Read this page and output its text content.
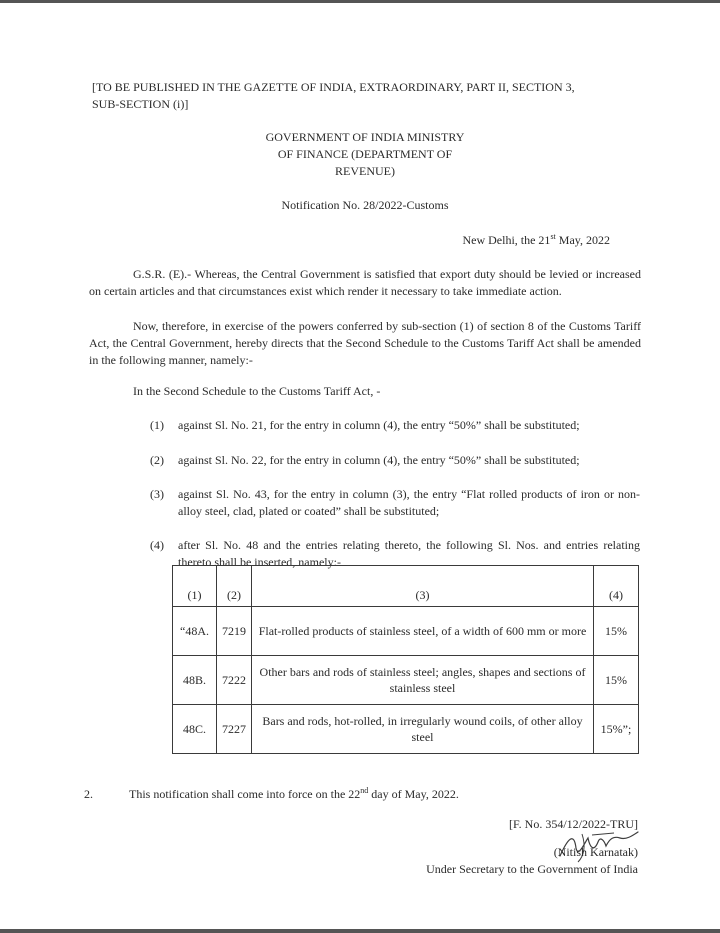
[TO BE PUBLISHED IN THE GAZETTE OF INDIA, EXTRAORDINARY, PART II, SECTION 3,
SUB-SECTION (i)]
GOVERNMENT OF INDIA MINISTRY
OF FINANCE (DEPARTMENT OF
REVENUE)
Notification No. 28/2022-Customs
New Delhi, the 21st May, 2022
G.S.R. (E).- Whereas, the Central Government is satisfied that export duty should be levied or increased on certain articles and that circumstances exist which render it necessary to take immediate action.
Now, therefore, in exercise of the powers conferred by sub-section (1) of section 8 of the Customs Tariff Act, the Central Government, hereby directs that the Second Schedule to the Customs Tariff Act shall be amended in the following manner, namely:-
In the Second Schedule to the Customs Tariff Act, -
(1)	against Sl. No. 21, for the entry in column (4), the entry “50%” shall be substituted;
(2)	against Sl. No. 22, for the entry in column (4), the entry “50%” shall be substituted;
(3)	against Sl. No. 43, for the entry in column (3), the entry “Flat rolled products of iron or non-alloy steel, clad, plated or coated” shall be substituted;
(4)	after Sl. No. 48 and the entries relating thereto, the following Sl. Nos. and entries relating thereto shall be inserted, namely:-
(1)	(2)	(3)	(4)
“48A.	7219	Flat-rolled products of stainless steel, of a width of 600 mm or more	15%
48B.	7222	Other bars and rods of stainless steel; angles, shapes and sections of stainless steel	15%
48C.	7227	Bars and rods, hot-rolled, in irregularly wound coils, of other alloy steel	15%”;
2.	This notification shall come into force on the 22nd day of May, 2022.
[F. No. 354/12/2022-TRU]
(Nitish Karnatak)
Under Secretary to the Government of India
